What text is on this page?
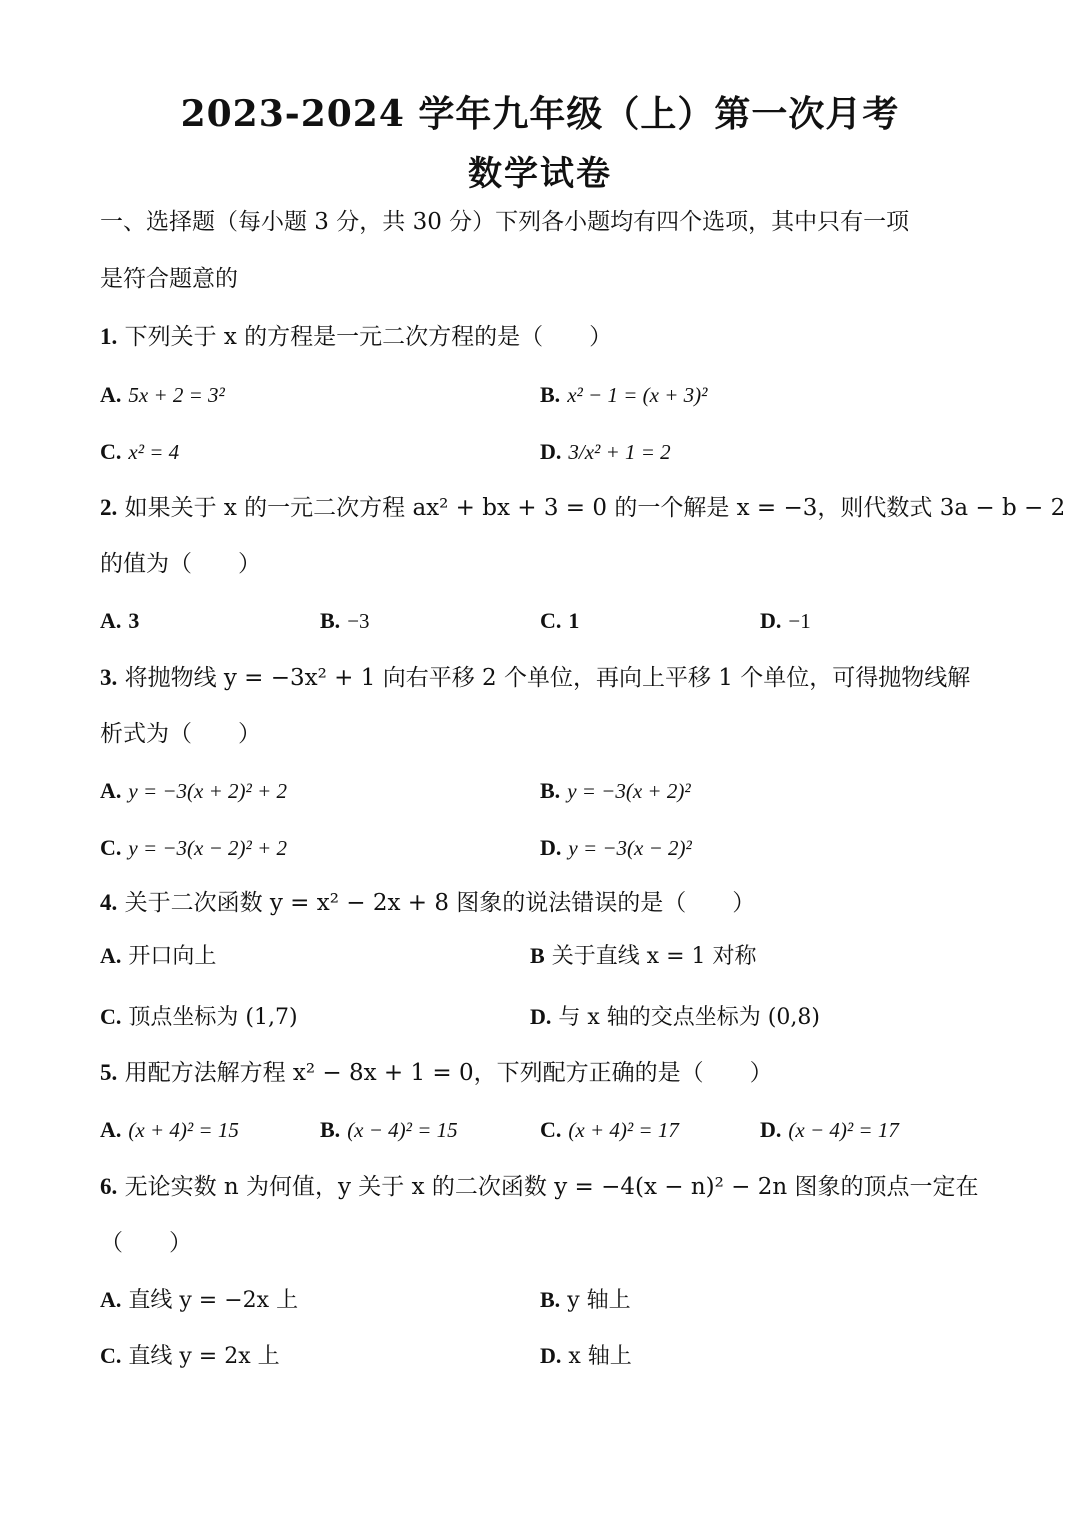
2023-2024 学年九年级（上）第一次月考
数学试卷
一、选择题（每小题 3 分，共 30 分）下列各小题均有四个选项，其中只有一项
是符合题意的
1. 下列关于 x 的方程是一元二次方程的是（　　）
A. 5x + 2 = 3²	B. x² − 1 = (x + 3)²
C. x² = 4	D. 3/x² + 1 = 2
2. 如果关于 x 的一元二次方程 ax² + bx + 3 = 0 的一个解是 x = −3，则代数式 3a − b − 2
的值为（　　）
A. 3	B. −3	C. 1	D. −1
3. 将抛物线 y = −3x² + 1 向右平移 2 个单位，再向上平移 1 个单位，可得抛物线解
析式为（　　）
A. y = −3(x + 2)² + 2	B. y = −3(x + 2)²
C. y = −3(x − 2)² + 2	D. y = −3(x − 2)²
4. 关于二次函数 y = x² − 2x + 8 图象的说法错误的是（　　）
A. 开口向上	B 关于直线 x = 1 对称
C. 顶点坐标为 (1,7)	D. 与 x 轴的交点坐标为 (0,8)
5. 用配方法解方程 x² − 8x + 1 = 0，下列配方正确的是（　　）
A. (x + 4)² = 15	B. (x − 4)² = 15	C. (x + 4)² = 17	D. (x − 4)² = 17
6. 无论实数 n 为何值，y 关于 x 的二次函数 y = −4(x − n)² − 2n 图象的顶点一定在
（　　）
A. 直线 y = −2x 上	B. y 轴上
C. 直线 y = 2x 上	D. x 轴上
